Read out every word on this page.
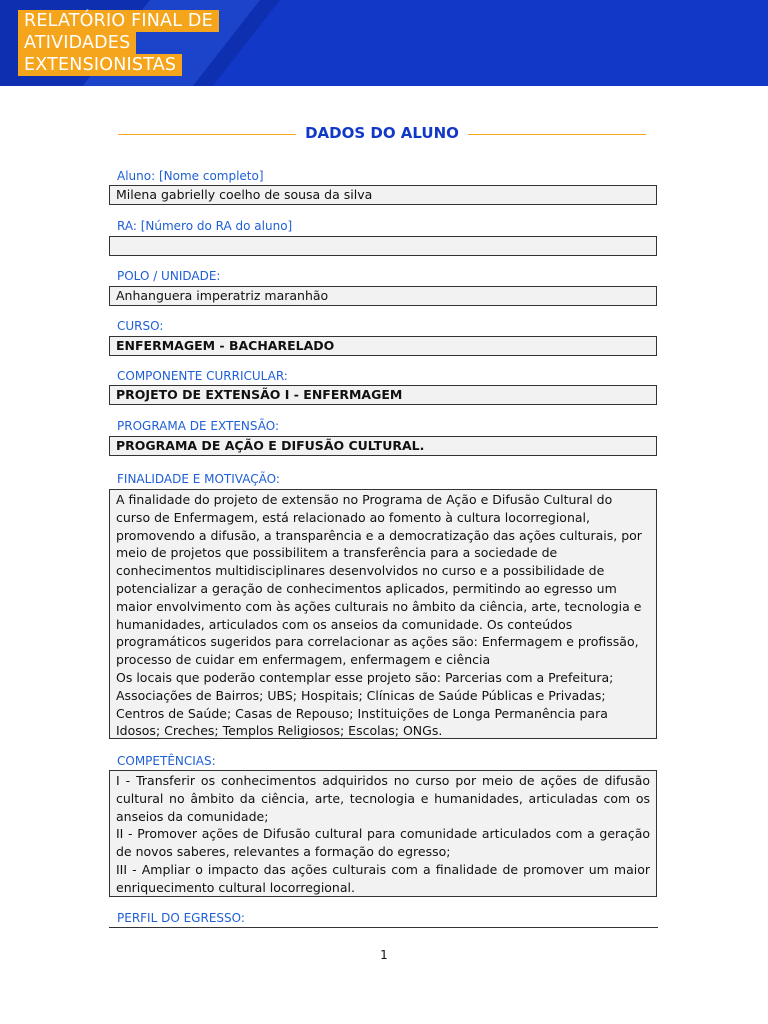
RELATÓRIO FINAL DE
ATIVIDADES
EXTENSIONISTAS
DADOS DO ALUNO
Aluno: [Nome completo]
Milena gabrielly coelho de sousa da silva
RA: [Número do RA do aluno]
POLO / UNIDADE:
Anhanguera imperatriz maranhão
CURSO:
ENFERMAGEM - BACHARELADO
COMPONENTE CURRICULAR:
PROJETO DE EXTENSÃO I - ENFERMAGEM
PROGRAMA DE EXTENSÃO:
PROGRAMA DE AÇÃO E DIFUSÃO CULTURAL.
FINALIDADE E MOTIVAÇÃO:

A finalidade do projeto de extensão no Programa de Ação e Difusão Cultural do curso de Enfermagem, está relacionado ao fomento à cultura locorregional, promovendo a difusão, a transparência e a democratização das ações culturais, por meio de projetos que possibilitem a transferência para a sociedade de conhecimentos multidisciplinares desenvolvidos no curso e a possibilidade de potencializar a geração de conhecimentos aplicados, permitindo ao egresso um maior envolvimento com às ações culturais no âmbito da ciência, arte, tecnologia e humanidades, articulados com os anseios da comunidade. Os conteúdos programáticos sugeridos para correlacionar as ações são: Enfermagem e profissão, processo de cuidar em enfermagem, enfermagem e ciência

Os locais que poderão contemplar esse projeto são: Parcerias com a Prefeitura; Associações de Bairros; UBS; Hospitais; Clínicas de Saúde Públicas e Privadas; Centros de Saúde; Casas de Repouso; Instituições de Longa Permanência para Idosos; Creches; Templos Religiosos; Escolas; ONGs.

COMPETÊNCIAS:

I - Transferir os conhecimentos adquiridos no curso por meio de ações de difusão cultural no âmbito da ciência, arte, tecnologia e humanidades, articuladas com os anseios da comunidade;

II - Promover ações de Difusão cultural para comunidade articulados com a geração de novos saberes, relevantes a formação do egresso;

III - Ampliar o impacto das ações culturais com a finalidade de promover um maior enriquecimento cultural locorregional.

PERFIL DO EGRESSO:
1
